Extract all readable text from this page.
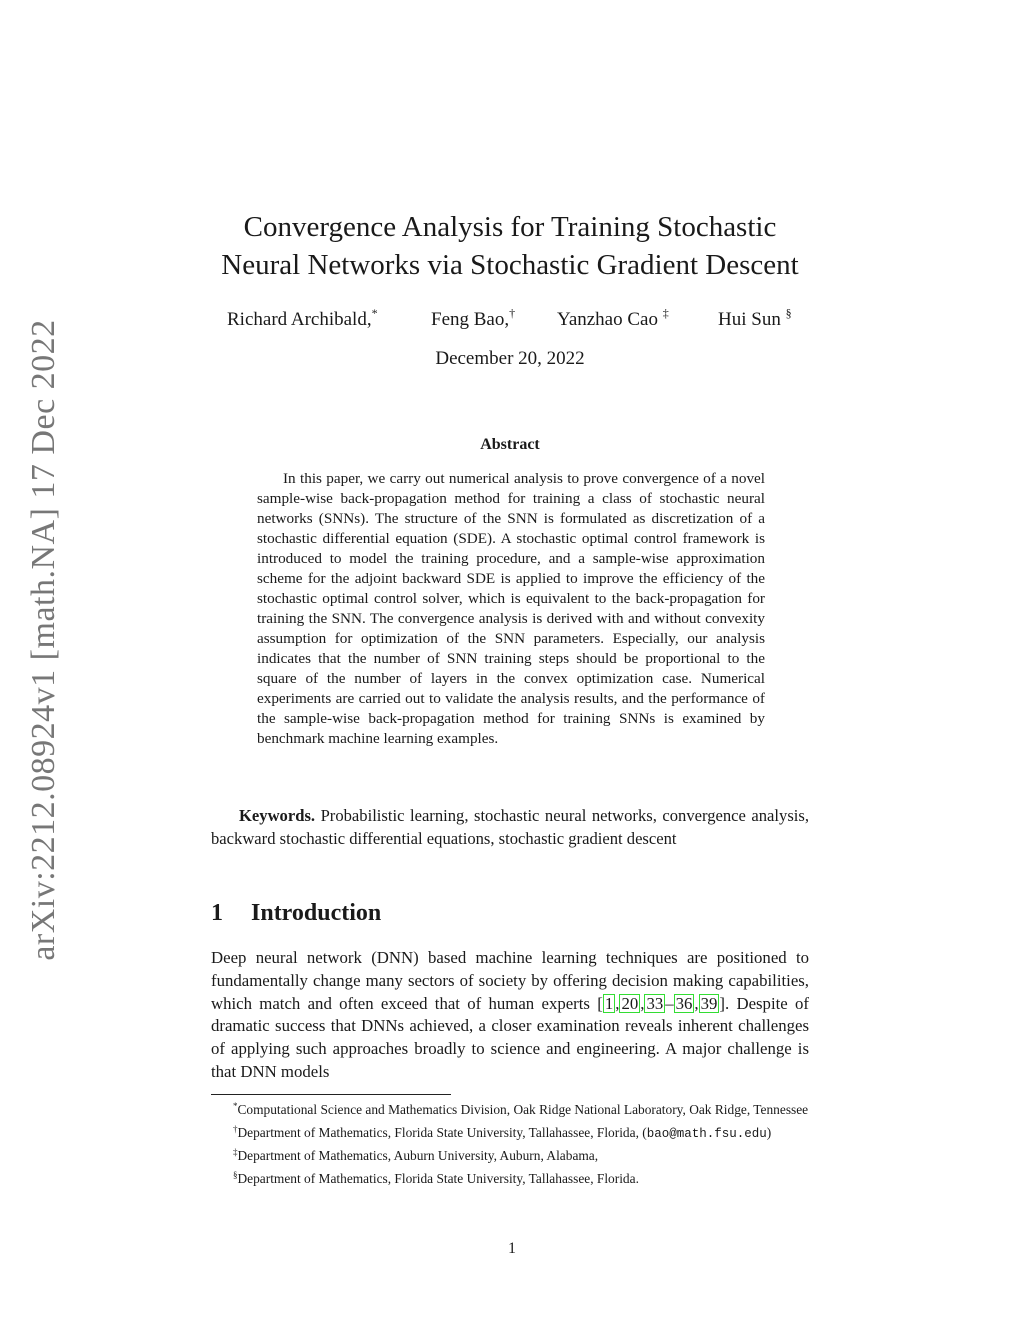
arXiv:2212.08924v1 [math.NA] 17 Dec 2022
Convergence Analysis for Training Stochastic
Neural Networks via Stochastic Gradient Descent
Richard Archibald,*	Feng Bao,† Yanzhao Cao ‡	Hui Sun §
December 20, 2022
Abstract

In this paper, we carry out numerical analysis to prove convergence of a novel sample-wise back-propagation method for training a class of stochastic neural networks (SNNs). The structure of the SNN is formulated as discretization of a stochastic differential equation (SDE). A stochastic optimal control framework is introduced to model the training procedure, and a sample-wise approximation scheme for the adjoint backward SDE is applied to improve the efficiency of the stochastic optimal control solver, which is equivalent to the back-propagation for training the SNN. The convergence analysis is derived with and without convexity assumption for optimization of the SNN parameters. Especially, our analysis indicates that the number of SNN training steps should be proportional to the square of the number of layers in the convex optimization case. Numerical experiments are carried out to validate the analysis results, and the performance of the sample-wise back-propagation method for training SNNs is examined by benchmark machine learning examples.

Keywords. Probabilistic learning, stochastic neural networks, convergence analysis, backward stochastic differential equations, stochastic gradient descent

1 Introduction

Deep neural network (DNN) based machine learning techniques are positioned to fundamentally change many sectors of society by offering decision making capabilities, which match and often exceed that of human experts [ 1 , 20 , 33 – 36 , 39 ]. Despite of dramatic success that DNNs achieved, a closer examination reveals inherent challenges of applying such approaches broadly to science and engineering. A major challenge is that DNN models

*Computational Science and Mathematics Division, Oak Ridge National Laboratory, Oak Ridge, Tennessee

†Department of Mathematics, Florida State University, Tallahassee, Florida, (bao@math.fsu.edu)

‡Department of Mathematics, Auburn University, Auburn, Alabama,

§Department of Mathematics, Florida State University, Tallahassee, Florida.

1
